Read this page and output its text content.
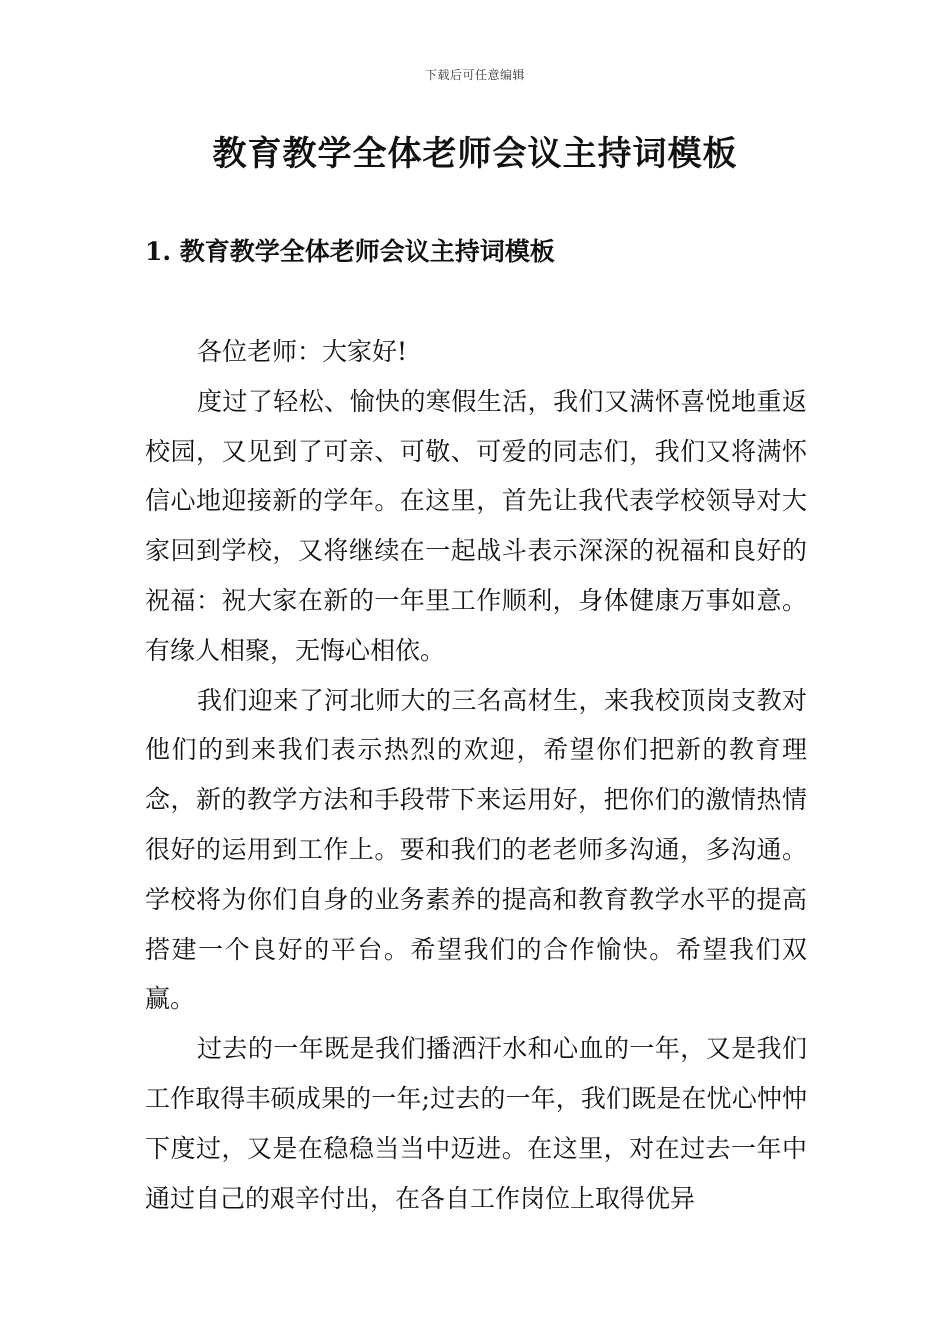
下载后可任意编辑
教育教学全体老师会议主持词模板
1. 教育教学全体老师会议主持词模板

各位老师：大家好!

度过了轻松、愉快的寒假生活，我们又满怀喜悦地重返校园，又见到了可亲、可敬、可爱的同志们，我们又将满怀信心地迎接新的学年。在这里，首先让我代表学校领导对大家回到学校，又将继续在一起战斗表示深深的祝福和良好的祝福：祝大家在新的一年里工作顺利，身体健康万事如意。有缘人相聚，无悔心相依。

我们迎来了河北师大的三名高材生，来我校顶岗支教对他们的到来我们表示热烈的欢迎，希望你们把新的教育理念，新的教学方法和手段带下来运用好，把你们的激情热情很好的运用到工作上。要和我们的老老师多沟通，多沟通。学校将为你们自身的业务素养的提高和教育教学水平的提高搭建一个良好的平台。希望我们的合作愉快。希望我们双赢。

过去的一年既是我们播洒汗水和心血的一年，又是我们工作取得丰硕成果的一年;过去的一年，我们既是在忧心忡忡下度过，又是在稳稳当当中迈进。在这里，对在过去一年中通过自己的艰辛付出，在各自工作岗位上取得优异
